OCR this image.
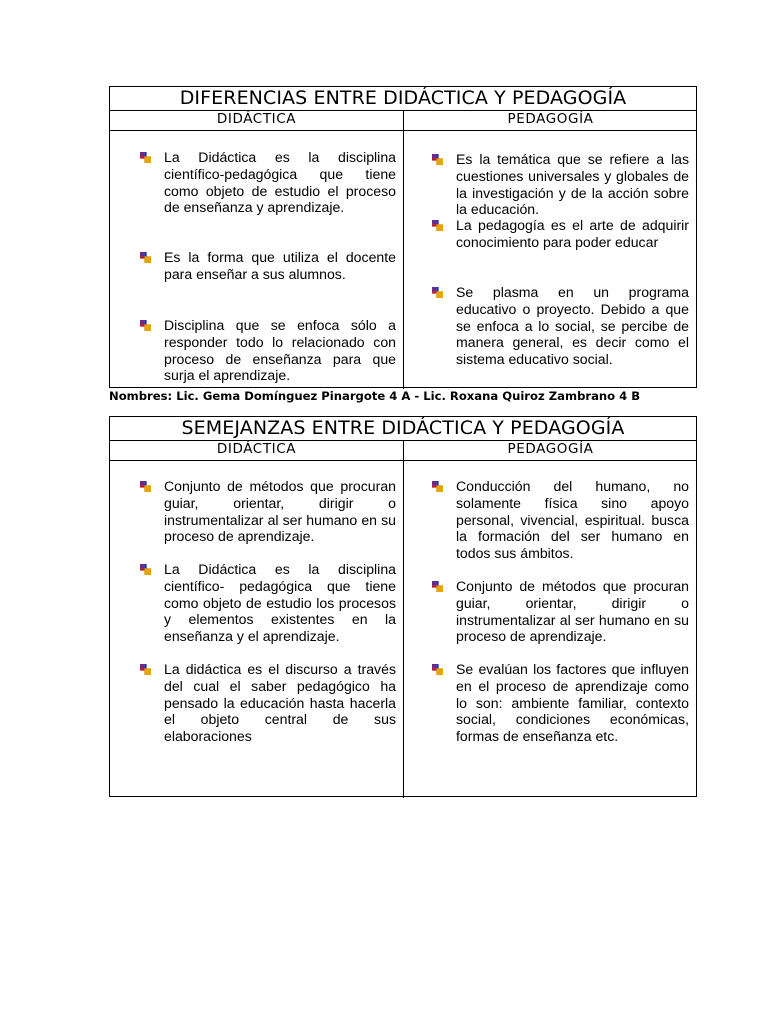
DIFERENCIAS ENTRE DIDÁCTICA Y PEDAGOGÍA
DIDÁCTICA	PEDAGOGÍA

La Didáctica es la disciplina científico-pedagógica que tiene como objeto de estudio el proceso de enseñanza y aprendizaje.

Es la forma que utiliza el docente para enseñar a sus alumnos.

Disciplina que se enfoca sólo a responder todo lo relacionado con proceso de enseñanza para que surja el aprendizaje.

Es la temática que se refiere a las cuestiones universales y globales de la investigación y de la acción sobre la educación.

La pedagogía es el arte de adquirir conocimiento para poder educar

Se plasma en un programa educativo o proyecto. Debido a que se enfoca a lo social, se percibe de manera general, es decir como el sistema educativo social.

Nombres: Lic. Gema Domínguez Pinargote 4 A - Lic. Roxana Quiroz Zambrano 4 B
SEMEJANZAS ENTRE DIDÁCTICA Y PEDAGOGÍA
DIDÁCTICA	PEDAGOGÍA

Conjunto de métodos que procuran guiar, orientar, dirigir o instrumentalizar al ser humano en su proceso de aprendizaje.

La Didáctica es la disciplina científico- pedagógica que tiene como objeto de estudio los procesos y elementos existentes en la enseñanza y el aprendizaje.

La didáctica es el discurso a través del cual el saber pedagógico ha pensado la educación hasta hacerla el objeto central de sus elaboraciones

Conducción del humano, no solamente física sino apoyo personal, vivencial, espiritual. busca la formación del ser humano en todos sus ámbitos.

Conjunto de métodos que procuran guiar, orientar, dirigir o instrumentalizar al ser humano en su proceso de aprendizaje.

Se evalúan los factores que influyen en el proceso de aprendizaje como lo son: ambiente familiar, contexto social, condiciones económicas, formas de enseñanza etc.
